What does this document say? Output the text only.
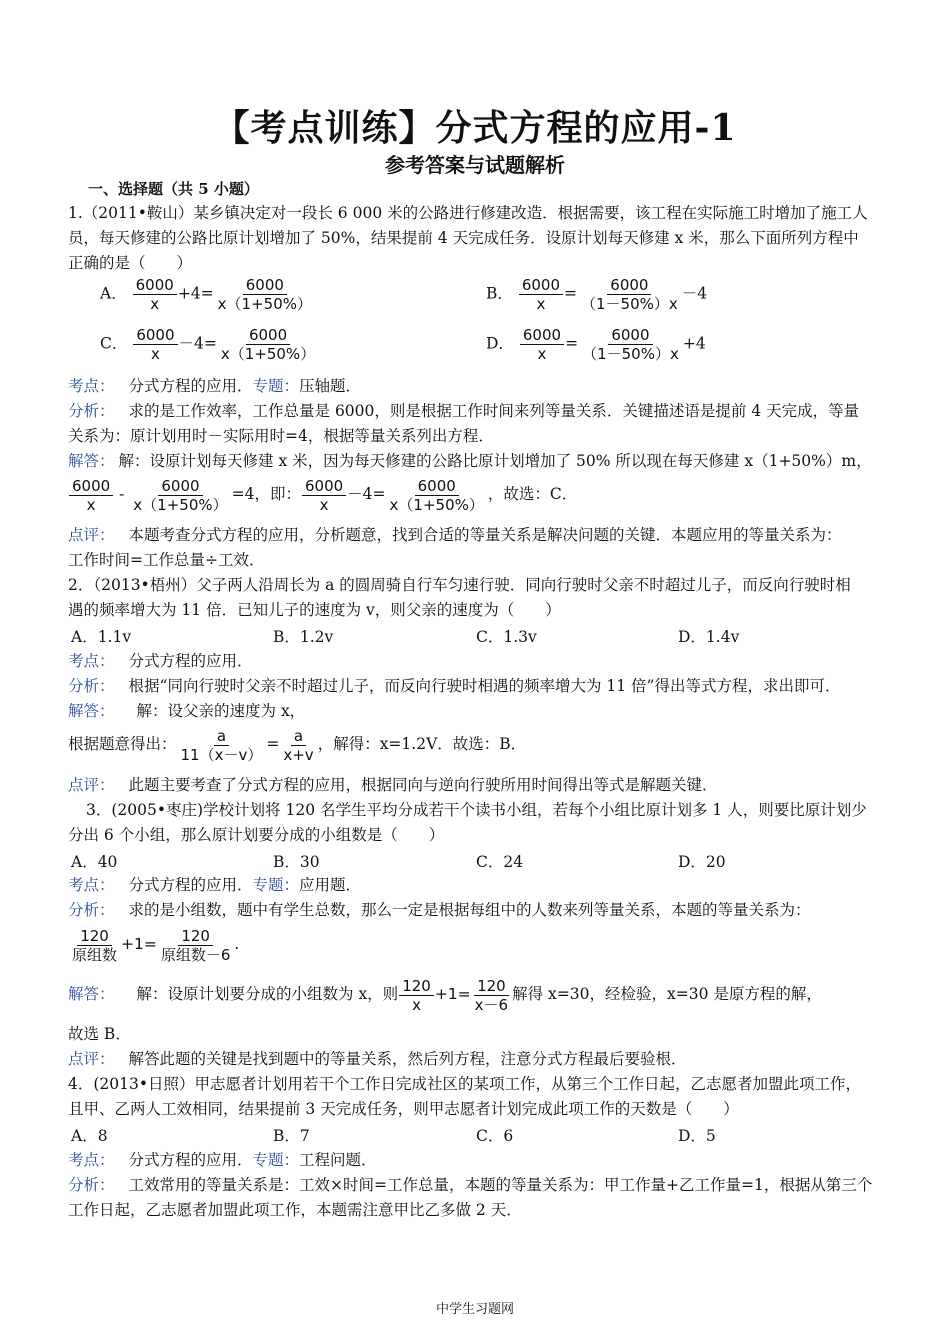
【考点训练】分式方程的应用-1
参考答案与试题解析
一、选择题（共 5 小题）
1.（2011•鞍山）某乡镇决定对一段长 6 000 米的公路进行修建改造．根据需要，该工程在实际施工时增加了施工人
员，每天修建的公路比原计划增加了 50%，结果提前 4 天完成任务．设原计划每天修建 x 米，那么下面所列方程中
正确的是（　　）
A． $\frac{6000}{x} +4= \frac{6000}{x(1+50\%)}$	B． $\frac{6000}{x} = \frac{6000}{(1-50\%)x} -4$
C． $\frac{6000}{x} -4= \frac{6000}{x(1+50\%)}$	D． $\frac{6000}{x} = \frac{6000}{(1-50\%)x} +4$
考点： 分式方程的应用．专题：压轴题．
分析： 求的是工作效率，工作总量是 6000，则是根据工作时间来列等量关系．关键描述语是提前 4 天完成，等量
关系为：原计划用时－实际用时=4，根据等量关系列出方程．
解答： 解：设原计划每天修建 x 米，因为每天修建的公路比原计划增加了 50% 所以现在每天修建 x（1+50%）m，
$\frac{6000}{x} - \frac{6000}{x(1+50\%)} =4$，即： $\frac{6000}{x} -4= \frac{6000}{x(1+50\%)}$ ，故选：C．
点评： 本题考查分式方程的应用，分析题意，找到合适的等量关系是解决问题的关键．本题应用的等量关系为：
工作时间=工作总量÷工效．
2．（2013•梧州）父子两人沿周长为 a 的圆周骑自行车匀速行驶．同向行驶时父亲不时超过儿子，而反向行驶时相
遇的频率增大为 11 倍．已知儿子的速度为 v，则父亲的速度为（　　）
A．1.1v	B．1.2v	C．1.3v	D．1.4v
考点： 分式方程的应用．
分析： 根据“同向行驶时父亲不时超过儿子，而反向行驶时相遇的频率增大为 11 倍”得出等式方程，求出即可．
解答： 解：设父亲的速度为 x，
根据题意得出： $\frac{a}{11(x-v)} = \frac{a}{x+v}$ ，解得：x=1.2V．故选：B．
点评： 此题主要考查了分式方程的应用，根据同向与逆向行驶所用时间得出等式是解题关键．
3．(2005•枣庄)学校计划将 120 名学生平均分成若干个读书小组，若每个小组比原计划多 1 人，则要比原计划少
分出 6 个小组，那么原计划要分成的小组数是（　　）
A．40	B．30	C．24	D．20
考点： 分式方程的应用．专题：应用题．
分析： 求的是小组数，题中有学生总数，那么一定是根据每组中的人数来列等量关系，本题的等量关系为：
$\frac{120}{\text{原组数}} +1= \frac{120}{\text{原组数－6}}$ .
解答： 解：设原计划要分成的小组数为 x，则 $\frac{120}{x} +1= \frac{120}{x-6}$ 解得 x=30，经检验，x=30 是原方程的解，
故选 B．
点评： 解答此题的关键是找到题中的等量关系，然后列方程，注意分式方程最后要验根．
4．(2013•日照）甲志愿者计划用若干个工作日完成社区的某项工作，从第三个工作日起，乙志愿者加盟此项工作，
且甲、乙两人工效相同，结果提前 3 天完成任务，则甲志愿者计划完成此项工作的天数是（　　）
A．8	B．7	C．6	D．5
考点： 分式方程的应用．专题：工程问题．
分析： 工效常用的等量关系是：工效×时间=工作总量，本题的等量关系为：甲工作量+乙工作量=1，根据从第三个
工作日起，乙志愿者加盟此项工作，本题需注意甲比乙多做 2 天．
中学生习题网
